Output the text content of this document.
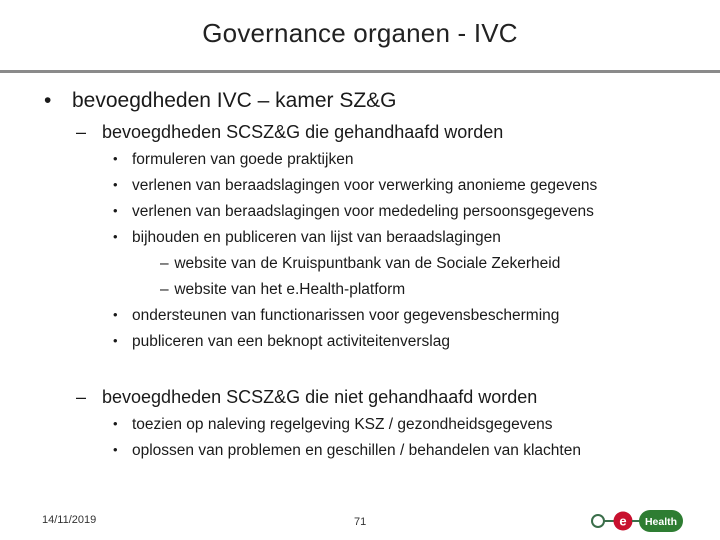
Governance organen - IVC
• bevoegdheden IVC – kamer SZ&G
– bevoegdheden SCSZ&G die gehandhaafd worden
• formuleren van goede praktijken
• verlenen van beraadslagingen voor verwerking anonieme gegevens
• verlenen van beraadslagingen voor mededeling persoonsgegevens
• bijhouden en publiceren van lijst van beraadslagingen
– website van de Kruispuntbank van de Sociale Zekerheid
– website van het e.Health-platform
• ondersteunen van functionarissen voor gegevensbescherming
• publiceren van een beknopt activiteitenverslag
– bevoegdheden SCSZ&G die niet gehandhaafd worden
• toezien op naleving regelgeving KSZ / gezondheidsgegevens
• oplossen van problemen en geschillen / behandelen van klachten
14/11/2019	71	e Health
